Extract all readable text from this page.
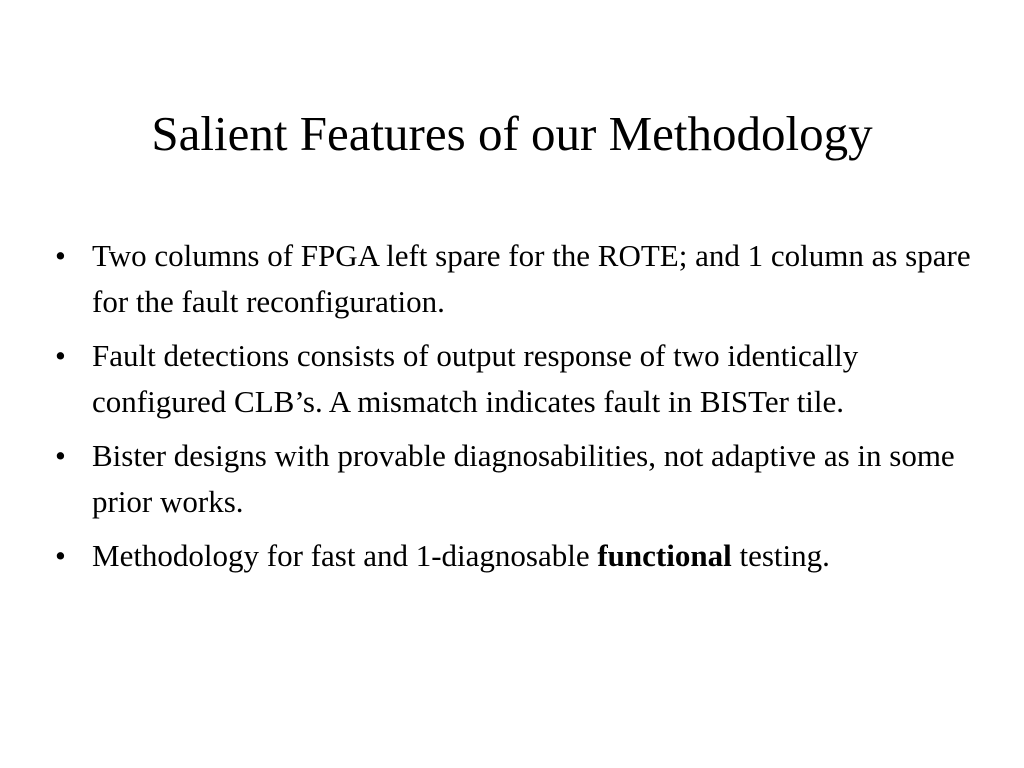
Salient Features of our Methodology
• Two columns of FPGA left spare for the ROTE; and 1 column as spare for the fault reconfiguration.
• Fault detections consists of output response of two identically configured CLB’s. A mismatch indicates fault in BISTer tile.
• Bister designs with provable diagnosabilities, not adaptive as in some prior works.
• Methodology for fast and 1-diagnosable functional testing.
